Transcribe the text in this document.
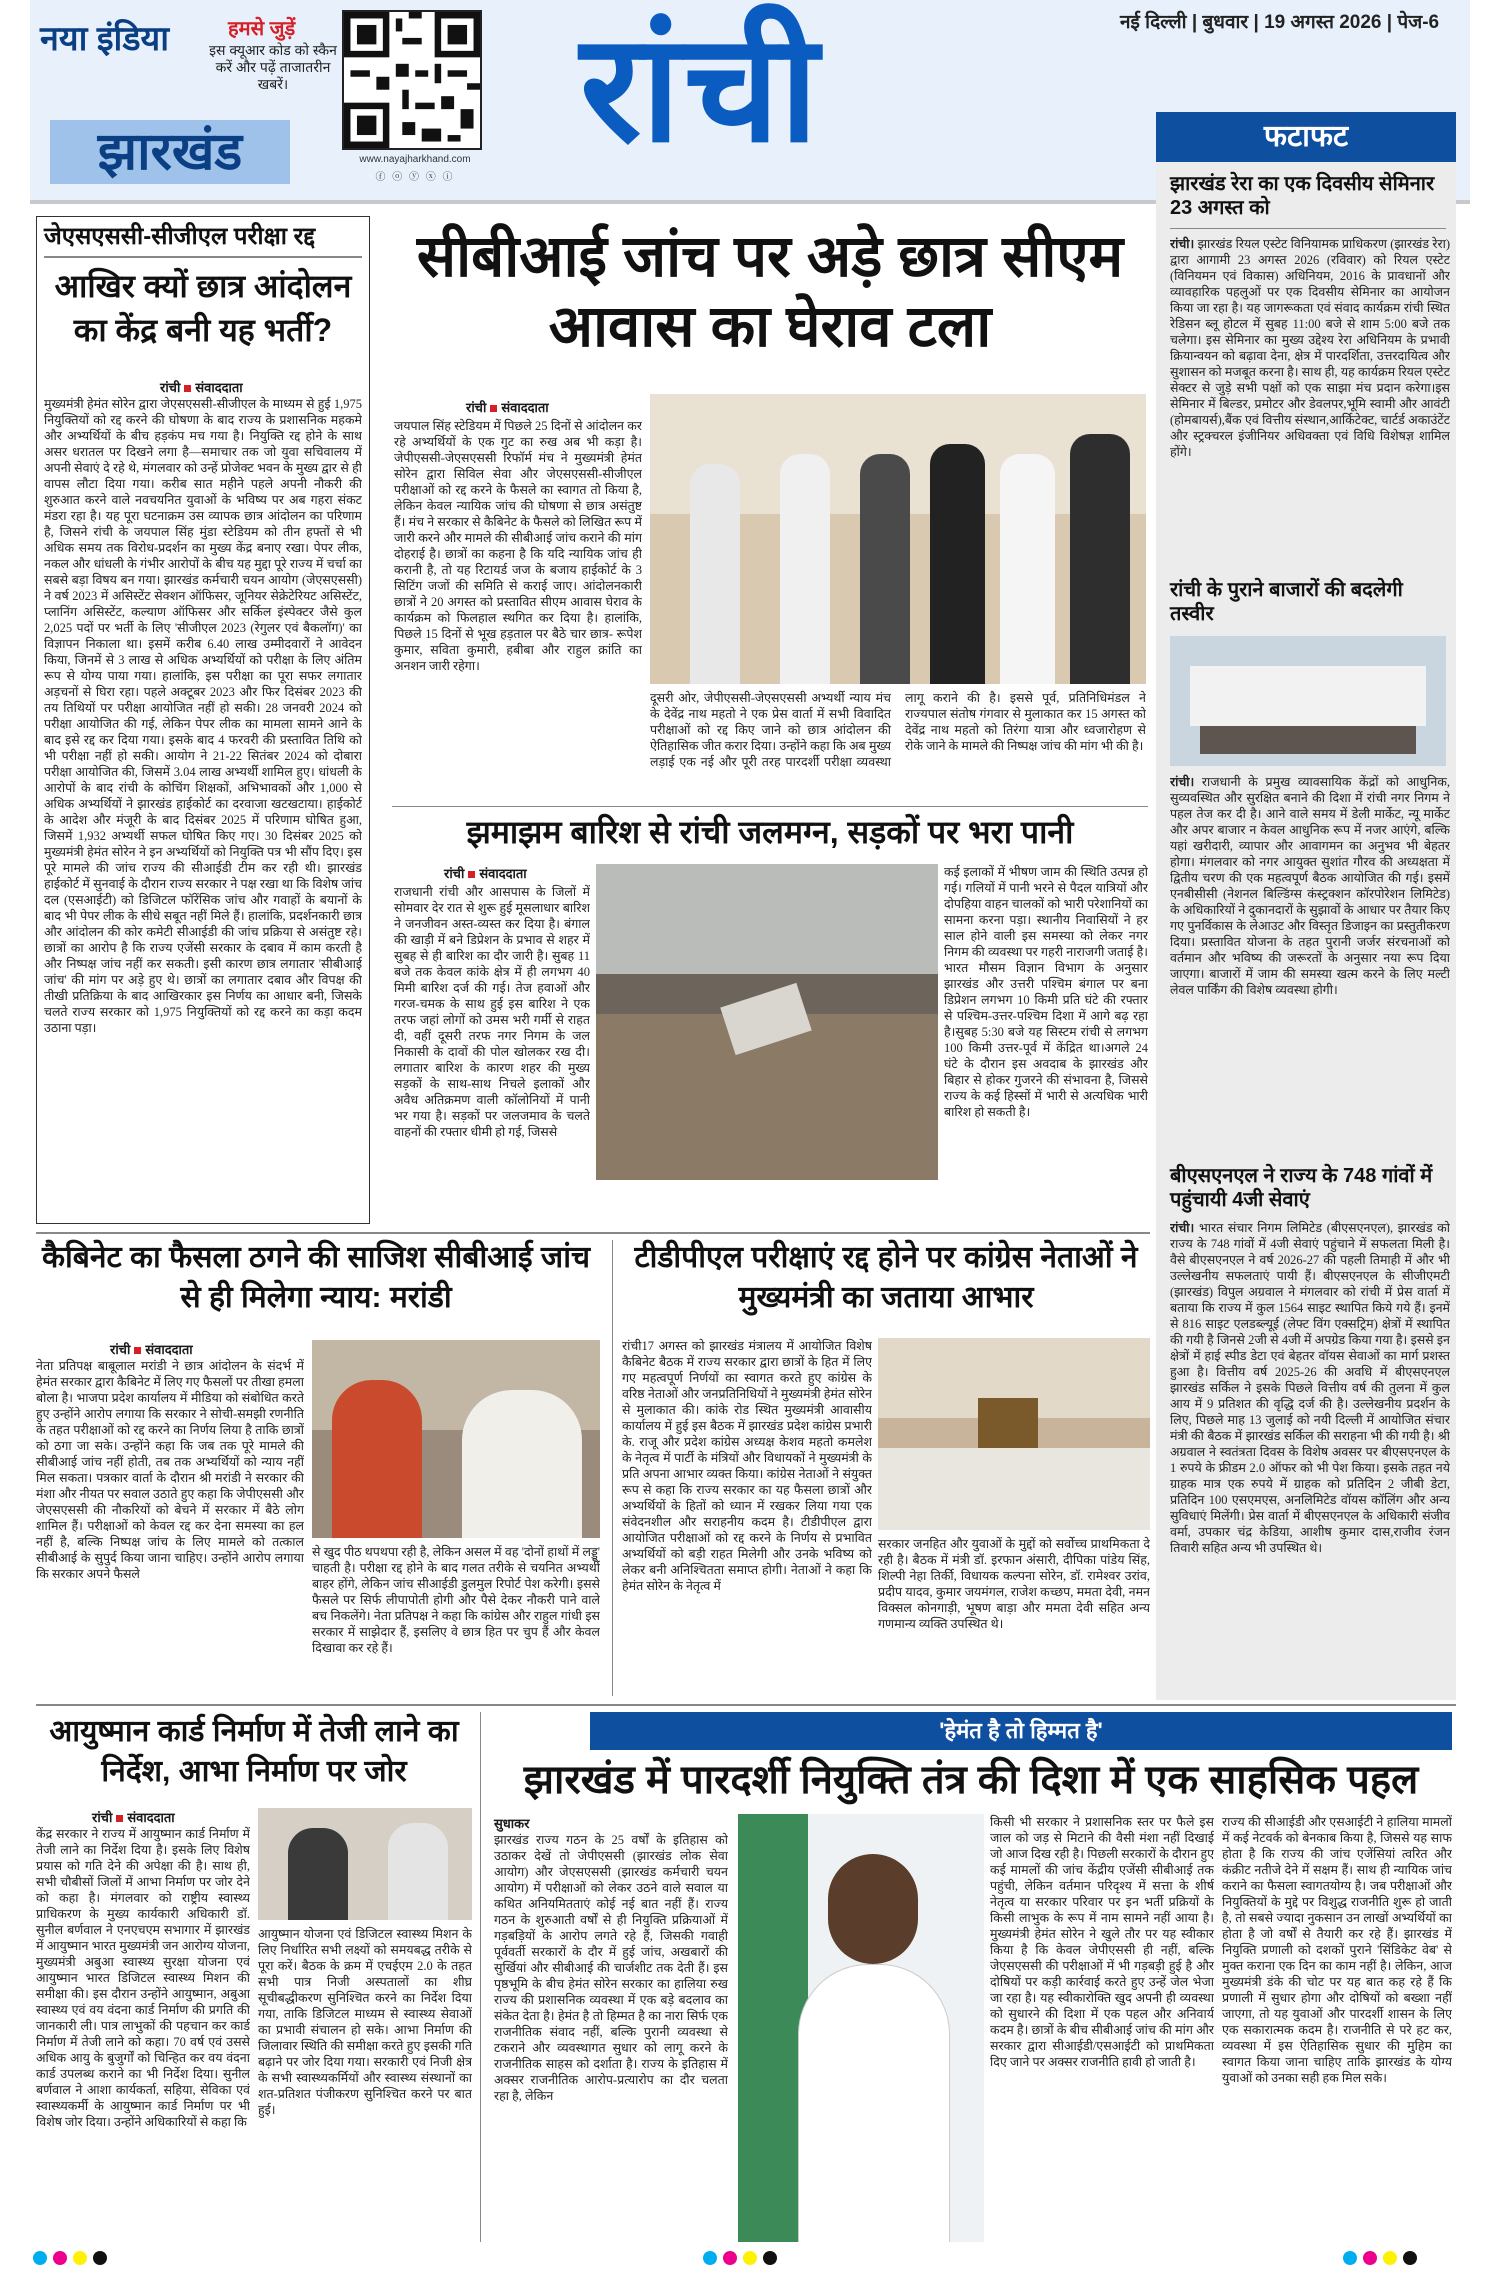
नया इंडिया	हमसे जुड़ें
इस क्यूआर कोड को स्कैन करें और पढ़ें ताजातरीन खबरें।
www.nayajharkhand.com
ⓕ ⓞ ⓨ ⓧ ⓘ
झारखंड	रांची	नई दिल्ली | बुधवार | 19 अगस्त 2026 | पेज-6
फटाफट
झारखंड रेरा का एक दिवसीय सेमिनार 23 अगस्त को
रांची। झारखंड रियल एस्टेट विनियामक प्राधिकरण (झारखंड रेरा) द्वारा आगामी 23 अगस्त 2026 (रविवार) को रियल एस्टेट (विनियमन एवं विकास) अधिनियम, 2016 के प्रावधानों और व्यावहारिक पहलुओं पर एक दिवसीय सेमिनार का आयोजन किया जा रहा है। यह जागरूकता एवं संवाद कार्यक्रम रांची स्थित रेडिसन ब्लू होटल में सुबह 11:00 बजे से शाम 5:00 बजे तक चलेगा। इस सेमिनार का मुख्य उद्देश्य रेरा अधिनियम के प्रभावी क्रियान्वयन को बढ़ावा देना, क्षेत्र में पारदर्शिता, उत्तरदायित्व और सुशासन को मजबूत करना है। साथ ही, यह कार्यक्रम रियल एस्टेट सेक्टर से जुड़े सभी पक्षों को एक साझा मंच प्रदान करेगा।इस सेमिनार में बिल्डर, प्रमोटर और डेवलपर,भूमि स्वामी और आवंटी (होमबायर्स),बैंक एवं वित्तीय संस्थान,आर्किटेक्ट, चार्टर्ड अकाउंटेंट और स्ट्रक्चरल इंजीनियर अधिवक्ता एवं विधि विशेषज्ञ शामिल होंगे।
रांची के पुराने बाजारों की बदलेगी तस्वीर
रांची। राजधानी के प्रमुख व्यावसायिक केंद्रों को आधुनिक, सुव्यवस्थित और सुरक्षित बनाने की दिशा में रांची नगर निगम ने पहल तेज कर दी है। आने वाले समय में डेली मार्केट, न्यू मार्केट और अपर बाजार न केवल आधुनिक रूप में नजर आएंगे, बल्कि यहां खरीदारी, व्यापार और आवागमन का अनुभव भी बेहतर होगा। मंगलवार को नगर आयुक्त सुशांत गौरव की अध्यक्षता में द्वितीय चरण की एक महत्वपूर्ण बैठक आयोजित की गई। इसमें एनबीसीसी (नेशनल बिल्डिंग्स कंस्ट्रक्शन कॉरपोरेशन लिमिटेड) के अधिकारियों ने दुकानदारों के सुझावों के आधार पर तैयार किए गए पुनर्विकास के लेआउट और विस्तृत डिजाइन का प्रस्तुतीकरण दिया। प्रस्तावित योजना के तहत पुरानी जर्जर संरचनाओं को वर्तमान और भविष्य की जरूरतों के अनुसार नया रूप दिया जाएगा। बाजारों में जाम की समस्या खत्म करने के लिए मल्टी लेवल पार्किंग की विशेष व्यवस्था होगी।
बीएसएनएल ने राज्य के 748 गांवों में पहुंचायी 4जी सेवाएं
रांची। भारत संचार निगम लिमिटेड (बीएसएनएल), झारखंड को राज्य के 748 गांवों में 4जी सेवाएं पहुंचाने में सफलता मिली है। वैसे बीएसएनएल ने वर्ष 2026-27 की पहली तिमाही में और भी उल्लेखनीय सफलताएं पायी हैं। बीएसएनएल के सीजीएमटी (झारखंड) विपुल अग्रवाल ने मंगलवार को रांची में प्रेस वार्ता में बताया कि राज्य में कुल 1564 साइट स्थापित किये गये हैं। इनमें से 816 साइट एलडब्ल्यूई (लेफ्ट विंग एक्सट्रिम) क्षेत्रों में स्थापित की गयी है जिनसे 2जी से 4जी में अपग्रेड किया गया है। इससे इन क्षेत्रों में हाई स्पीड डेटा एवं बेहतर वॉयस सेवाओं का मार्ग प्रशस्त हुआ है। वित्तीय वर्ष 2025-26 की अवधि में बीएसएनएल झारखंड सर्किल ने इसके पिछले वित्तीय वर्ष की तुलना में कुल आय में 9 प्रतिशत की वृद्धि दर्ज की है। उल्लेखनीय प्रदर्शन के लिए, पिछले माह 13 जुलाई को नयी दिल्ली में आयोजित संचार मंत्री की बैठक में झारखंड सर्किल की सराहना भी की गयी है। श्री अग्रवाल ने स्वतंत्रता दिवस के विशेष अवसर पर बीएसएनएल के 1 रुपये के फ्रीडम 2.0 ऑफर को भी पेश किया। इसके तहत नये ग्राहक मात्र एक रुपये में ग्राहक को प्रतिदिन 2 जीबी डेटा, प्रतिदिन 100 एसएमएस, अनलिमिटेड वॉयस कॉलिंग और अन्य सुविधाएं मिलेंगी। प्रेस वार्ता में बीएसएनएल के अधिकारी संजीव वर्मा, उपकार चंद्र केडिया, आशीष कुमार दास,राजीव रंजन तिवारी सहित अन्य भी उपस्थित थे।
जेएसएससी-सीजीएल परीक्षा रद्द
आखिर क्यों छात्र आंदोलन का केंद्र बनी यह भर्ती?
रांची संवाददाता
मुख्यमंत्री हेमंत सोरेन द्वारा जेएसएससी-सीजीएल के माध्यम से हुई 1,975 नियुक्तियों को रद्द करने की घोषणा के बाद राज्य के प्रशासनिक महकमे और अभ्यर्थियों के बीच हड़कंप मच गया है। नियुक्ति रद्द होने के साथ असर धरातल पर दिखने लगा है—समाचार तक जो युवा सचिवालय में अपनी सेवाएं दे रहे थे, मंगलवार को उन्हें प्रोजेक्ट भवन के मुख्य द्वार से ही वापस लौटा दिया गया। करीब सात महीने पहले अपनी नौकरी की शुरुआत करने वाले नवचयनित युवाओं के भविष्य पर अब गहरा संकट मंडरा रहा है। यह पूरा घटनाक्रम उस व्यापक छात्र आंदोलन का परिणाम है, जिसने रांची के जयपाल सिंह मुंडा स्टेडियम को तीन हफ्तों से भी अधिक समय तक विरोध-प्रदर्शन का मुख्य केंद्र बनाए रखा। पेपर लीक, नकल और धांधली के गंभीर आरोपों के बीच यह मुद्दा पूरे राज्य में चर्चा का सबसे बड़ा विषय बन गया। झारखंड कर्मचारी चयन आयोग (जेएसएससी) ने वर्ष 2023 में असिस्टेंट सेक्शन ऑफिसर, जूनियर सेक्रेटेरियट असिस्टेंट, प्लानिंग असिस्टेंट, कल्याण ऑफिसर और सर्किल इंस्पेक्टर जैसे कुल 2,025 पदों पर भर्ती के लिए 'सीजीएल 2023 (रेगुलर एवं बैकलॉग)' का विज्ञापन निकाला था। इसमें करीब 6.40 लाख उम्मीदवारों ने आवेदन किया, जिनमें से 3 लाख से अधिक अभ्यर्थियों को परीक्षा के लिए अंतिम रूप से योग्य पाया गया। हालांकि, इस परीक्षा का पूरा सफर लगातार अड़चनों से घिरा रहा। पहले अक्टूबर 2023 और फिर दिसंबर 2023 की तय तिथियों पर परीक्षा आयोजित नहीं हो सकी। 28 जनवरी 2024 को परीक्षा आयोजित की गई, लेकिन पेपर लीक का मामला सामने आने के बाद इसे रद्द कर दिया गया। इसके बाद 4 फरवरी की प्रस्तावित तिथि को भी परीक्षा नहीं हो सकी। आयोग ने 21-22 सितंबर 2024 को दोबारा परीक्षा आयोजित की, जिसमें 3.04 लाख अभ्यर्थी शामिल हुए। धांधली के आरोपों के बाद रांची के कोचिंग शिक्षकों, अभिभावकों और 1,000 से अधिक अभ्यर्थियों ने झारखंड हाईकोर्ट का दरवाजा खटखटाया। हाईकोर्ट के आदेश और मंजूरी के बाद दिसंबर 2025 में परिणाम घोषित हुआ, जिसमें 1,932 अभ्यर्थी सफल घोषित किए गए। 30 दिसंबर 2025 को मुख्यमंत्री हेमंत सोरेन ने इन अभ्यर्थियों को नियुक्ति पत्र भी सौंप दिए। इस पूरे मामले की जांच राज्य की सीआईडी टीम कर रही थी। झारखंड हाईकोर्ट में सुनवाई के दौरान राज्य सरकार ने पक्ष रखा था कि विशेष जांच दल (एसआईटी) को डिजिटल फॉरेंसिक जांच और गवाहों के बयानों के बाद भी पेपर लीक के सीधे सबूत नहीं मिले हैं। हालांकि, प्रदर्शनकारी छात्र और आंदोलन की कोर कमेटी सीआईडी की जांच प्रक्रिया से असंतुष्ट रहे। छात्रों का आरोप है कि राज्य एजेंसी सरकार के दबाव में काम करती है और निष्पक्ष जांच नहीं कर सकती। इसी कारण छात्र लगातार 'सीबीआई जांच' की मांग पर अड़े हुए थे। छात्रों का लगातार दबाव और विपक्ष की तीखी प्रतिक्रिया के बाद आखिरकार इस निर्णय का आधार बनी, जिसके चलते राज्य सरकार को 1,975 नियुक्तियों को रद्द करने का कड़ा कदम उठाना पड़ा।
सीबीआई जांच पर अड़े छात्र सीएम आवास का घेराव टला
रांची संवाददाता
जयपाल सिंह स्टेडियम में पिछले 25 दिनों से आंदोलन कर रहे अभ्यर्थियों के एक गुट का रुख अब भी कड़ा है। जेपीएससी-जेएसएससी रिफॉर्म मंच ने मुख्यमंत्री हेमंत सोरेन द्वारा सिविल सेवा और जेएसएससी-सीजीएल परीक्षाओं को रद्द करने के फैसले का स्वागत तो किया है, लेकिन केवल न्यायिक जांच की घोषणा से छात्र असंतुष्ट हैं। मंच ने सरकार से कैबिनेट के फैसले को लिखित रूप में जारी करने और मामले की सीबीआई जांच कराने की मांग दोहराई है। छात्रों का कहना है कि यदि न्यायिक जांच ही करानी है, तो यह रिटायर्ड जज के बजाय हाईकोर्ट के 3 सिटिंग जजों की समिति से कराई जाए। आंदोलनकारी छात्रों ने 20 अगस्त को प्रस्तावित सीएम आवास घेराव के कार्यक्रम को फिलहाल स्थगित कर दिया है। हालांकि, पिछले 15 दिनों से भूख हड़ताल पर बैठे चार छात्र- रूपेश कुमार, सविता कुमारी, हबीबा और राहुल क्रांति का अनशन जारी रहेगा।
दूसरी ओर, जेपीएससी-जेएसएससी अभ्यर्थी न्याय मंच के देवेंद्र नाथ महतो ने एक प्रेस वार्ता में सभी विवादित परीक्षाओं को रद्द किए जाने को छात्र आंदोलन की ऐतिहासिक जीत करार दिया। उन्होंने कहा कि अब मुख्य लड़ाई एक नई और पूरी तरह पारदर्शी परीक्षा व्यवस्था लागू कराने की है। इससे पूर्व, प्रतिनिधिमंडल ने राज्यपाल संतोष गंगवार से मुलाकात कर 15 अगस्त को देवेंद्र नाथ महतो को तिरंगा यात्रा और ध्वजारोहण से रोके जाने के मामले की निष्पक्ष जांच की मांग भी की है।
झमाझम बारिश से रांची जलमग्न, सड़कों पर भरा पानी
रांची संवाददाता
राजधानी रांची और आसपास के जिलों में सोमवार देर रात से शुरू हुई मूसलाधार बारिश ने जनजीवन अस्त-व्यस्त कर दिया है। बंगाल की खाड़ी में बने डिप्रेशन के प्रभाव से शहर में सुबह से ही बारिश का दौर जारी है। सुबह 11 बजे तक केवल कांके क्षेत्र में ही लगभग 40 मिमी बारिश दर्ज की गई। तेज हवाओं और गरज-चमक के साथ हुई इस बारिश ने एक तरफ जहां लोगों को उमस भरी गर्मी से राहत दी, वहीं दूसरी तरफ नगर निगम के जल निकासी के दावों की पोल खोलकर रख दी। लगातार बारिश के कारण शहर की मुख्य सड़कों के साथ-साथ निचले इलाकों और अवैध अतिक्रमण वाली कॉलोनियों में पानी भर गया है। सड़कों पर जलजमाव के चलते वाहनों की रफ्तार धीमी हो गई, जिससे
कई इलाकों में भीषण जाम की स्थिति उत्पन्न हो गई। गलियों में पानी भरने से पैदल यात्रियों और दोपहिया वाहन चालकों को भारी परेशानियों का सामना करना पड़ा। स्थानीय निवासियों ने हर साल होने वाली इस समस्या को लेकर नगर निगम की व्यवस्था पर गहरी नाराजगी जताई है। भारत मौसम विज्ञान विभाग के अनुसार झारखंड और उत्तरी पश्चिम बंगाल पर बना डिप्रेशन लगभग 10 किमी प्रति घंटे की रफ्तार से पश्चिम-उत्तर-पश्चिम दिशा में आगे बढ़ रहा है।सुबह 5:30 बजे यह सिस्टम रांची से लगभग 100 किमी उत्तर-पूर्व में केंद्रित था।अगले 24 घंटे के दौरान इस अवदाब के झारखंड और बिहार से होकर गुजरने की संभावना है, जिससे राज्य के कई हिस्सों में भारी से अत्यधिक भारी बारिश हो सकती है।
कैबिनेट का फैसला ठगने की साजिश सीबीआई जांच से ही मिलेगा न्याय: मरांडी
रांची संवाददाता
नेता प्रतिपक्ष बाबूलाल मरांडी ने छात्र आंदोलन के संदर्भ में हेमंत सरकार द्वारा कैबिनेट में लिए गए फैसलों पर तीखा हमला बोला है। भाजपा प्रदेश कार्यालय में मीडिया को संबोधित करते हुए उन्होंने आरोप लगाया कि सरकार ने सोची-समझी रणनीति के तहत परीक्षाओं को रद्द करने का निर्णय लिया है ताकि छात्रों को ठगा जा सके। उन्होंने कहा कि जब तक पूरे मामले की सीबीआई जांच नहीं होती, तब तक अभ्यर्थियों को न्याय नहीं मिल सकता। पत्रकार वार्ता के दौरान श्री मरांडी ने सरकार की मंशा और नीयत पर सवाल उठाते हुए कहा कि जेपीएससी और जेएसएससी की नौकरियों को बेचने में सरकार में बैठे लोग शामिल हैं। परीक्षाओं को केवल रद्द कर देना समस्या का हल नहीं है, बल्कि निष्पक्ष जांच के लिए मामले को तत्काल सीबीआई के सुपुर्द किया जाना चाहिए। उन्होंने आरोप लगाया कि सरकार अपने फैसले
से खुद पीठ थपथपा रही है, लेकिन असल में वह 'दोनों हाथों में लड्डू' चाहती है। परीक्षा रद्द होने के बाद गलत तरीके से चयनित अभ्यर्थी बाहर होंगे, लेकिन जांच सीआईडी डुलमुल रिपोर्ट पेश करेगी। इससे फैसले पर सिर्फ लीपापोती होगी और पैसे देकर नौकरी पाने वाले बच निकलेंगे। नेता प्रतिपक्ष ने कहा कि कांग्रेस और राहुल गांधी इस सरकार में साझेदार हैं, इसलिए वे छात्र हित पर चुप हैं और केवल दिखावा कर रहे हैं।
टीडीपीएल परीक्षाएं रद्द होने पर कांग्रेस नेताओं ने मुख्यमंत्री का जताया आभार
रांची17 अगस्त को झारखंड मंत्रालय में आयोजित विशेष कैबिनेट बैठक में राज्य सरकार द्वारा छात्रों के हित में लिए गए महत्वपूर्ण निर्णयों का स्वागत करते हुए कांग्रेस के वरिष्ठ नेताओं और जनप्रतिनिधियों ने मुख्यमंत्री हेमंत सोरेन से मुलाकात की। कांके रोड स्थित मुख्यमंत्री आवासीय कार्यालय में हुई इस बैठक में झारखंड प्रदेश कांग्रेस प्रभारी के. राजू और प्रदेश कांग्रेस अध्यक्ष केशव महतो कमलेश के नेतृत्व में पार्टी के मंत्रियों और विधायकों ने मुख्यमंत्री के प्रति अपना आभार व्यक्त किया। कांग्रेस नेताओं ने संयुक्त रूप से कहा कि राज्य सरकार का यह फैसला छात्रों और अभ्यर्थियों के हितों को ध्यान में रखकर लिया गया एक संवेदनशील और सराहनीय कदम है। टीडीपीएल द्वारा आयोजित परीक्षाओं को रद्द करने के निर्णय से प्रभावित अभ्यर्थियों को बड़ी राहत मिलेगी और उनके भविष्य को लेकर बनी अनिश्चितता समाप्त होगी। नेताओं ने कहा कि हेमंत सोरेन के नेतृत्व में
सरकार जनहित और युवाओं के मुद्दों को सर्वोच्च प्राथमिकता दे रही है। बैठक में मंत्री डॉ. इरफान अंसारी, दीपिका पांडेय सिंह, शिल्पी नेहा तिर्की, विधायक कल्पना सोरेन, डॉ. रामेश्वर उरांव, प्रदीप यादव, कुमार जयमंगल, राजेश कच्छप, ममता देवी, नमन विक्सल कोनगाड़ी, भूषण बाड़ा और ममता देवी सहित अन्य गणमान्य व्यक्ति उपस्थित थे।
आयुष्मान कार्ड निर्माण में तेजी लाने का निर्देश, आभा निर्माण पर जोर
रांची संवाददाता
केंद्र सरकार ने राज्य में आयुष्मान कार्ड निर्माण में तेजी लाने का निर्देश दिया है। इसके लिए विशेष प्रयास को गति देने की अपेक्षा की है। साथ ही, सभी चौबीसों जिलों में आभा निर्माण पर जोर देने को कहा है। मंगलवार को राष्ट्रीय स्वास्थ्य प्राधिकरण के मुख्य कार्यकारी अधिकारी डॉ. सुनील बर्णवाल ने एनएचएम सभागार में झारखंड में आयुष्मान भारत मुख्यमंत्री जन आरोग्य योजना, मुख्यमंत्री अबुआ स्वास्थ्य सुरक्षा योजना एवं आयुष्मान भारत डिजिटल स्वास्थ्य मिशन की समीक्षा की। इस दौरान उन्होंने आयुष्मान, अबुआ स्वास्थ्य एवं वय वंदना कार्ड निर्माण की प्रगति की जानकारी ली। पात्र लाभुकों की पहचान कर कार्ड निर्माण में तेजी लाने को कहा। 70 वर्ष एवं उससे अधिक आयु के बुजुर्गों को चिन्हित कर वय वंदना कार्ड उपलब्ध कराने का भी निर्देश दिया। सुनील बर्णवाल ने आशा कार्यकर्ता, सहिया, सेविका एवं स्वास्थ्यकर्मी के आयुष्मान कार्ड निर्माण पर भी विशेष जोर दिया। उन्होंने अधिकारियों से कहा कि
आयुष्मान योजना एवं डिजिटल स्वास्थ्य मिशन के लिए निर्धारित सभी लक्ष्यों को समयबद्ध तरीके से पूरा करें। बैठक के क्रम में एचईएम 2.0 के तहत सभी पात्र निजी अस्पतालों का शीघ्र सूचीबद्धीकरण सुनिश्चित करने का निर्देश दिया गया, ताकि डिजिटल माध्यम से स्वास्थ्य सेवाओं का प्रभावी संचालन हो सके। आभा निर्माण की जिलावार स्थिति की समीक्षा करते हुए इसकी गति बढ़ाने पर जोर दिया गया। सरकारी एवं निजी क्षेत्र के सभी स्वास्थ्यकर्मियों और स्वास्थ्य संस्थानों का शत-प्रतिशत पंजीकरण सुनिश्चित करने पर बात हुई।
'हेमंत है तो हिम्मत है'
झारखंड में पारदर्शी नियुक्ति तंत्र की दिशा में एक साहसिक पहल
सुधाकर
झारखंड राज्य गठन के 25 वर्षों के इतिहास को उठाकर देखें तो जेपीएससी (झारखंड लोक सेवा आयोग) और जेएसएससी (झारखंड कर्मचारी चयन आयोग) में परीक्षाओं को लेकर उठने वाले सवाल या कथित अनियमितताएं कोई नई बात नहीं हैं। राज्य गठन के शुरुआती वर्षों से ही नियुक्ति प्रक्रियाओं में गड़बड़ियों के आरोप लगते रहे हैं, जिसकी गवाही पूर्ववर्ती सरकारों के दौर में हुई जांच, अखबारों की सुर्खियां और सीबीआई की चार्जशीट तक देती हैं। इस पृष्ठभूमि के बीच हेमंत सोरेन सरकार का हालिया रुख राज्य की प्रशासनिक व्यवस्था में एक बड़े बदलाव का संकेत देता है। हेमंत है तो हिम्मत है का नारा सिर्फ एक राजनीतिक संवाद नहीं, बल्कि पुरानी व्यवस्था से टकराने और व्यवस्थागत सुधार को लागू करने के राजनीतिक साहस को दर्शाता है। राज्य के इतिहास में अक्सर राजनीतिक आरोप-प्रत्यारोप का दौर चलता रहा है, लेकिन
किसी भी सरकार ने प्रशासनिक स्तर पर फैले इस जाल को जड़ से मिटाने की वैसी मंशा नहीं दिखाई जो आज दिख रही है। पिछली सरकारों के दौरान हुए कई मामलों की जांच केंद्रीय एजेंसी सीबीआई तक पहुंची, लेकिन वर्तमान परिदृश्य में सत्ता के शीर्ष नेतृत्व या सरकार परिवार पर इन भर्ती प्रक्रियों के किसी लाभुक के रूप में नाम सामने नहीं आया है। मुख्यमंत्री हेमंत सोरेन ने खुले तौर पर यह स्वीकार किया है कि केवल जेपीएससी ही नहीं, बल्कि जेएसएससी की परीक्षाओं में भी गड़बड़ी हुई है और दोषियों पर कड़ी कार्रवाई करते हुए उन्हें जेल भेजा जा रहा है। यह स्वीकारोक्ति खुद अपनी ही व्यवस्था को सुधारने की दिशा में एक पहल और अनिवार्य कदम है। छात्रों के बीच सीबीआई जांच की मांग और सरकार द्वारा सीआईडी/एसआईटी को प्राथमिकता दिए जाने पर अक्सर राजनीति हावी हो जाती है।
राज्य की सीआईडी और एसआईटी ने हालिया मामलों में कई नेटवर्क को बेनकाब किया है, जिससे यह साफ होता है कि राज्य की जांच एजेंसियां त्वरित और कंक्रीट नतीजे देने में सक्षम हैं। साथ ही न्यायिक जांच कराने का फैसला स्वागतयोग्य है। जब परीक्षाओं और नियुक्तियों के मुद्दे पर विशुद्ध राजनीति शुरू हो जाती है, तो सबसे ज्यादा नुकसान उन लाखों अभ्यर्थियों का होता है जो वर्षों से तैयारी कर रहे हैं। झारखंड में नियुक्ति प्रणाली को दशकों पुराने 'सिंडिकेट वेब' से मुक्त कराना एक दिन का काम नहीं है। लेकिन, आज मुख्यमंत्री डंके की चोट पर यह बात कह रहे हैं कि प्रणाली में सुधार होगा और दोषियों को बख्शा नहीं जाएगा, तो यह युवाओं और पारदर्शी शासन के लिए एक सकारात्मक कदम है। राजनीति से परे हट कर, व्यवस्था में इस ऐतिहासिक सुधार की मुहिम का स्वागत किया जाना चाहिए ताकि झारखंड के योग्य युवाओं को उनका सही हक मिल सके।
